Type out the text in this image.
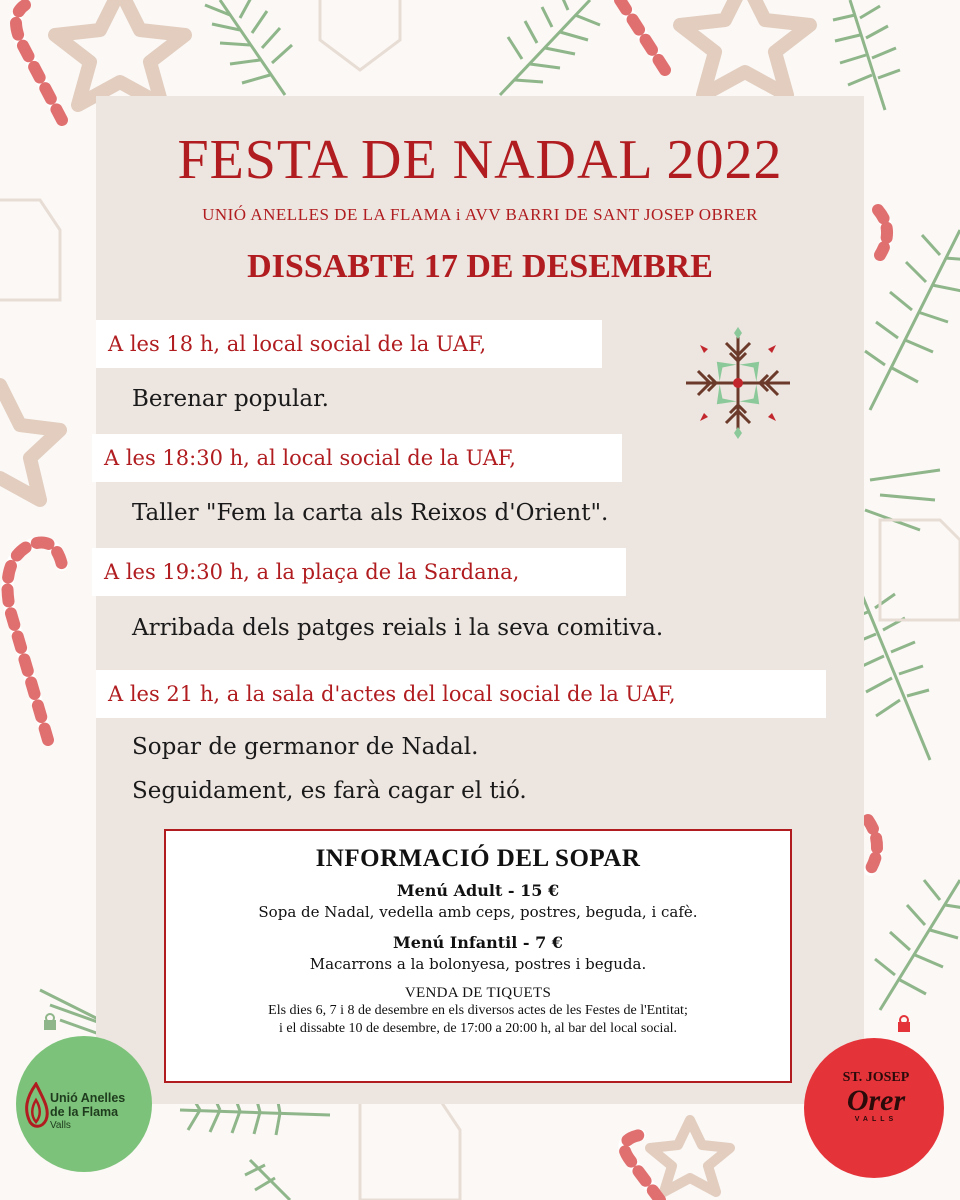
FESTA DE NADAL 2022
UNIÓ ANELLES DE LA FLAMA i AVV BARRI DE SANT JOSEP OBRER
DISSABTE 17 DE DESEMBRE
A les 18 h, al local social de la UAF,
Berenar popular.
A les 18:30 h, al local social de la UAF,
Taller "Fem la carta als Reixos d'Orient".
A les 19:30 h, a la plaça de la Sardana,
Arribada dels patges reials i la seva comitiva.
A les 21 h, a la sala d'actes del local social de la UAF,
Sopar de germanor de Nadal.
Seguidament, es farà cagar el tió.
INFORMACIÓ DEL SOPAR
Menú Adult - 15 €
Sopa de Nadal, vedella amb ceps, postres, beguda, i cafè.
Menú Infantil - 7 €
Macarrons a la bolonyesa, postres i beguda.
VENDA DE TIQUETS
Els dies 6, 7 i 8 de desembre en els diversos actes de les Festes de l'Entitat;
i el dissabte 10 de desembre, de 17:00 a 20:00 h, al bar del local social.
Unió Anelles
de la Flama
Valls
ST. JOSEP
Orer
VALLS
